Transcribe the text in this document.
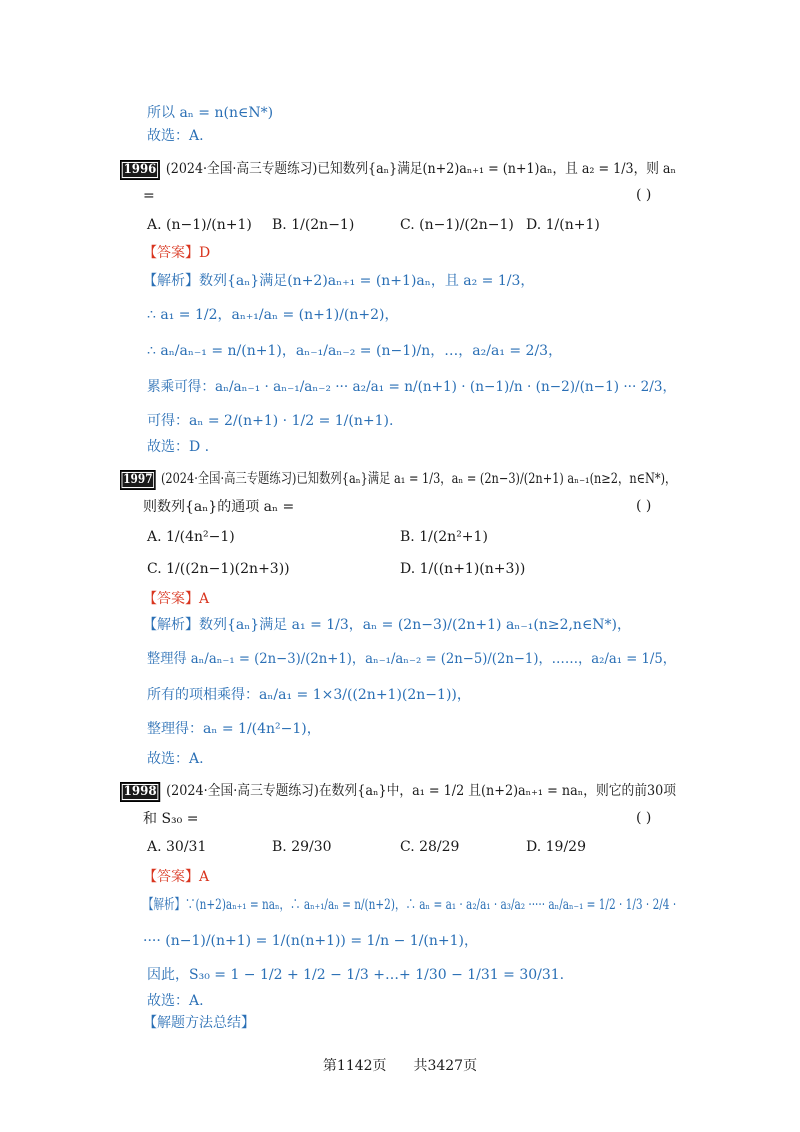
所以 aₙ = n(n∈N*)
故选：A.
1996 (2024·全国·高三专题练习)已知数列{aₙ}满足(n+2)aₙ₊₁ = (n+1)aₙ，且 a₂ = 1/3，则 aₙ
=	( )
A. (n−1)/(n+1) B. 1/(2n−1)	C. (n−1)/(2n−1) D. 1/(n+1)
【答案】D
【解析】数列{aₙ}满足(n+2)aₙ₊₁ = (n+1)aₙ，且 a₂ = 1/3，
∴ a₁ = 1/2，aₙ₊₁/aₙ = (n+1)/(n+2)，
∴ aₙ/aₙ₋₁ = n/(n+1)，aₙ₋₁/aₙ₋₂ = (n−1)/n，…，a₂/a₁ = 2/3，
累乘可得：aₙ/aₙ₋₁ · aₙ₋₁/aₙ₋₂ ··· a₂/a₁ = n/(n+1) · (n−1)/n · (n−2)/(n−1) ··· 2/3，
可得：aₙ = 2/(n+1) · 1/2 = 1/(n+1).
故选：D .
1997 (2024·全国·高三专题练习)已知数列{aₙ}满足 a₁ = 1/3，aₙ = (2n−3)/(2n+1) aₙ₋₁(n≥2，n∈N*)，
则数列{aₙ}的通项 aₙ =	( )
A. 1/(4n²−1)	B. 1/(2n²+1)
C. 1/((2n−1)(2n+3))	D. 1/((n+1)(n+3))
【答案】A
【解析】数列{aₙ}满足 a₁ = 1/3，aₙ = (2n−3)/(2n+1) aₙ₋₁(n≥2,n∈N*)，
整理得 aₙ/aₙ₋₁ = (2n−3)/(2n+1)，aₙ₋₁/aₙ₋₂ = (2n−5)/(2n−1)，……，a₂/a₁ = 1/5，
所有的项相乘得：aₙ/a₁ = 1×3/((2n+1)(2n−1))，
整理得：aₙ = 1/(4n²−1)，
故选：A.
1998 (2024·全国·高三专题练习)在数列{aₙ}中，a₁ = 1/2 且(n+2)aₙ₊₁ = naₙ，则它的前30项
和 S₃₀ =	( )
A. 30/31	B. 29/30	C. 28/29	D. 19/29
【答案】A
【解析】∵(n+2)aₙ₊₁ = naₙ，∴ aₙ₊₁/aₙ = n/(n+2)，∴ aₙ = a₁ · a₂/a₁ · a₃/a₂ ····· aₙ/aₙ₋₁ = 1/2 · 1/3 · 2/4 ·
···· (n−1)/(n+1) = 1/(n(n+1)) = 1/n − 1/(n+1)，
因此，S₃₀ = 1 − 1/2 + 1/2 − 1/3 +…+ 1/30 − 1/31 = 30/31.
故选：A.
【解题方法总结】
第1142页 共3427页
